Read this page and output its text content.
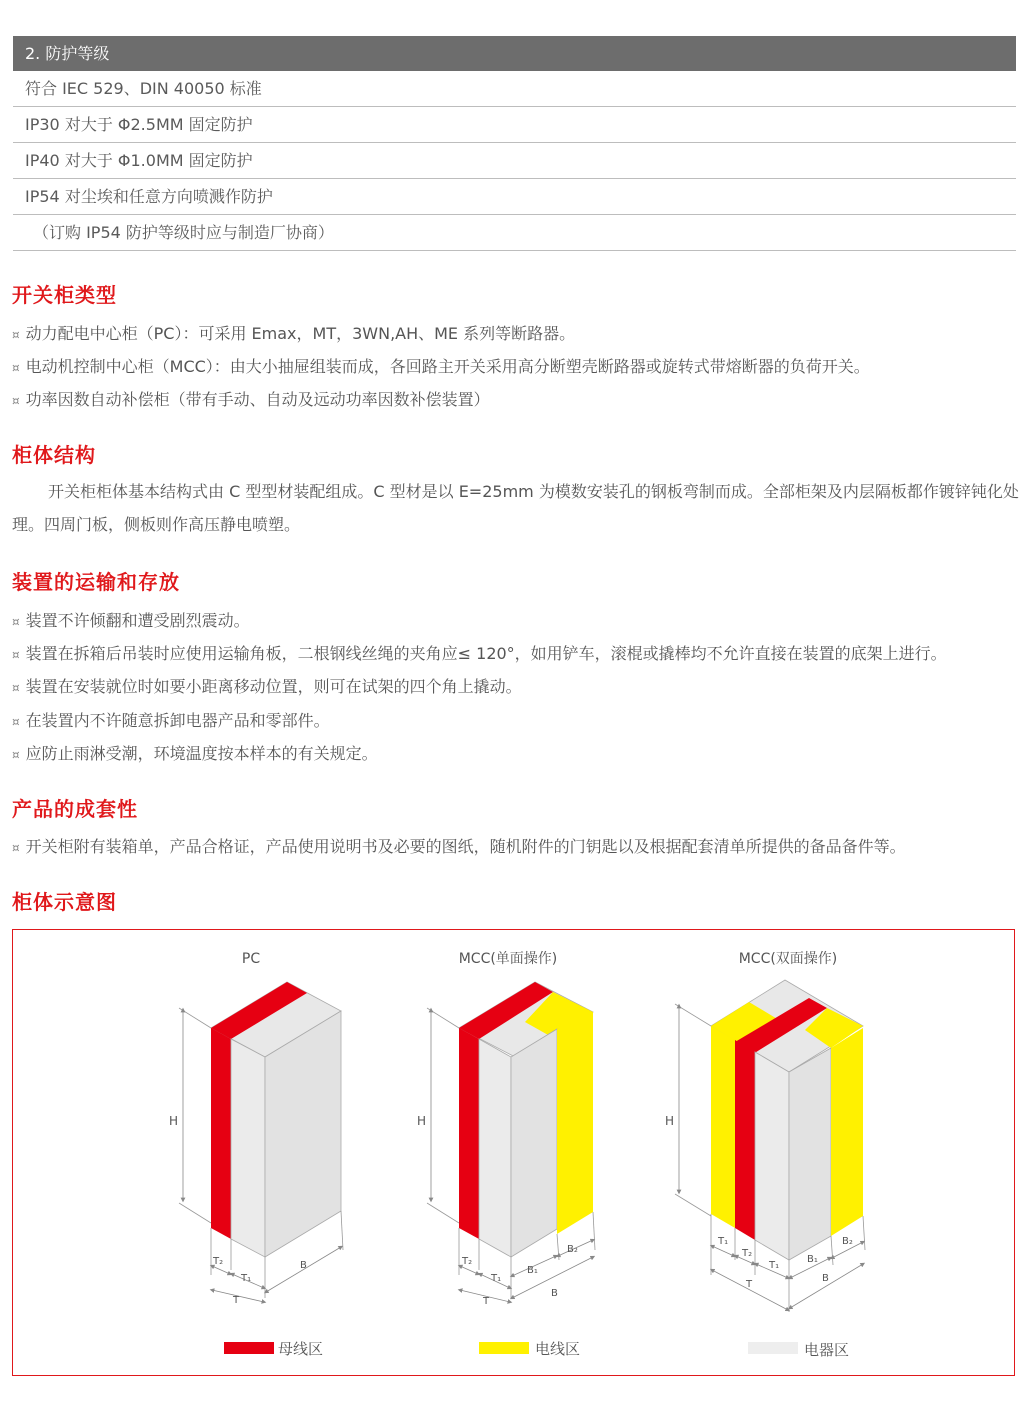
2. 防护等级
符合 IEC 529、DIN 40050 标准
IP30 对大于 Φ2.5MM 固定防护
IP40 对大于 Φ1.0MM 固定防护
IP54 对尘埃和任意方向喷溅作防护
（订购 IP54 防护等级时应与制造厂协商）
开关柜类型
¤ 动力配电中心柜（PC）：可采用 Emax，MT，3WN,AH、ME 系列等断路器。
¤ 电动机控制中心柜（MCC）：由大小抽屉组装而成，各回路主开关采用高分断塑壳断路器或旋转式带熔断器的负荷开关。
¤ 功率因数自动补偿柜（带有手动、自动及远动功率因数补偿装置）
柜体结构
开关柜柜体基本结构式由 C 型型材装配组成。C 型材是以 E=25mm 为模数安装孔的钢板弯制而成。全部柜架及内层隔板都作镀锌钝化处理。四周门板，侧板则作高压静电喷塑。
装置的运输和存放
¤ 装置不许倾翻和遭受剧烈震动。
¤ 装置在拆箱后吊装时应使用运输角板，二根钢线丝绳的夹角应≤ 120°，如用铲车，滚棍或撬棒均不允许直接在装置的底架上进行。
¤ 装置在安装就位时如要小距离移动位置，则可在试架的四个角上撬动。
¤ 在装置内不许随意拆卸电器产品和零部件。
¤ 应防止雨淋受潮，环境温度按本样本的有关规定。
产品的成套性
¤ 开关柜附有装箱单，产品合格证，产品使用说明书及必要的图纸，随机附件的门钥匙以及根据配套清单所提供的备品备件等。
柜体示意图
PC
H
T₂
T₁
T
B
MCC(单面操作)
H
T₂
T₁
T
B₁
B₂
B
MCC(双面操作)
H
T₁
T₂
T₁
T
B₁
B₂
B
母线区	电线区	电器区
